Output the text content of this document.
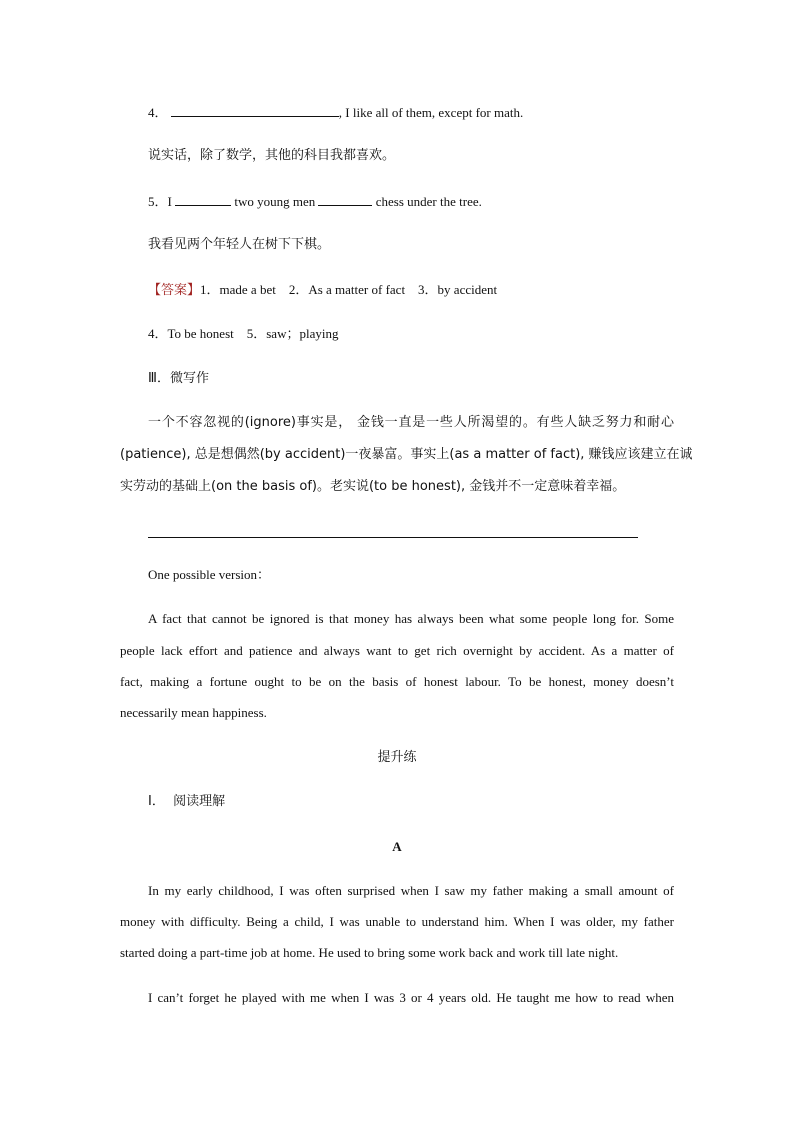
4．	, I like all of them, except for math.
说实话，除了数学，其他的科目我都喜欢。
5．I	two young men	chess under the tree.
我看见两个年轻人在树下下棋。
【答案】1．made a bet    2．As a matter of fact    3．by accident
4．To be honest    5．saw；playing
Ⅲ．微写作
一个不容忽视的(ignore)事实是， 金钱一直是一些人所渴望的。有些人缺乏努力和耐心
(patience), 总是想偶然(by accident)一夜暴富。事实上(as a matter of fact), 赚钱应该建立在诚
实劳动的基础上(on the basis of)。老实说(to be honest), 金钱并不一定意味着幸福。
One possible version：
A fact that cannot be ignored is that money has always been what some people long for. Some
people lack effort and patience and always want to get rich overnight by accident. As a matter of
fact, making a fortune ought to be on the basis of honest labour. To be honest, money doesn’t
necessarily mean happiness.
提升练
Ⅰ．  阅读理解
A
In my early childhood, I was often surprised when I saw my father making a small amount of
money with difficulty. Being a child, I was unable to understand him. When I was older, my father
started doing a part-time job at home. He used to bring some work back and work till late night.
I can’t forget he played with me when I was 3 or 4 years old. He taught me how to read when
